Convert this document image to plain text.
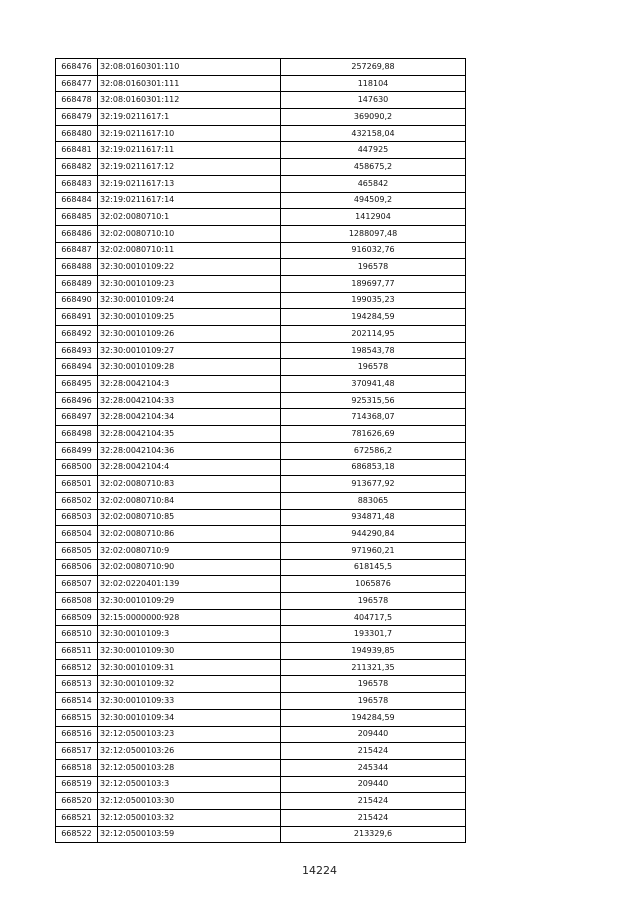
668476	32:08:0160301:110	257269,88
668477	32:08:0160301:111	118104
668478	32:08:0160301:112	147630
668479	32:19:0211617:1	369090,2
668480	32:19:0211617:10	432158,04
668481	32:19:0211617:11	447925
668482	32:19:0211617:12	458675,2
668483	32:19:0211617:13	465842
668484	32:19:0211617:14	494509,2
668485	32:02:0080710:1	1412904
668486	32:02:0080710:10	1288097,48
668487	32:02:0080710:11	916032,76
668488	32:30:0010109:22	196578
668489	32:30:0010109:23	189697,77
668490	32:30:0010109:24	199035,23
668491	32:30:0010109:25	194284,59
668492	32:30:0010109:26	202114,95
668493	32:30:0010109:27	198543,78
668494	32:30:0010109:28	196578
668495	32:28:0042104:3	370941,48
668496	32:28:0042104:33	925315,56
668497	32:28:0042104:34	714368,07
668498	32:28:0042104:35	781626,69
668499	32:28:0042104:36	672586,2
668500	32:28:0042104:4	686853,18
668501	32:02:0080710:83	913677,92
668502	32:02:0080710:84	883065
668503	32:02:0080710:85	934871,48
668504	32:02:0080710:86	944290,84
668505	32:02:0080710:9	971960,21
668506	32:02:0080710:90	618145,5
668507	32:02:0220401:139	1065876
668508	32:30:0010109:29	196578
668509	32:15:0000000:928	404717,5
668510	32:30:0010109:3	193301,7
668511	32:30:0010109:30	194939,85
668512	32:30:0010109:31	211321,35
668513	32:30:0010109:32	196578
668514	32:30:0010109:33	196578
668515	32:30:0010109:34	194284,59
668516	32:12:0500103:23	209440
668517	32:12:0500103:26	215424
668518	32:12:0500103:28	245344
668519	32:12:0500103:3	209440
668520	32:12:0500103:30	215424
668521	32:12:0500103:32	215424
668522	32:12:0500103:59	213329,6
14224
